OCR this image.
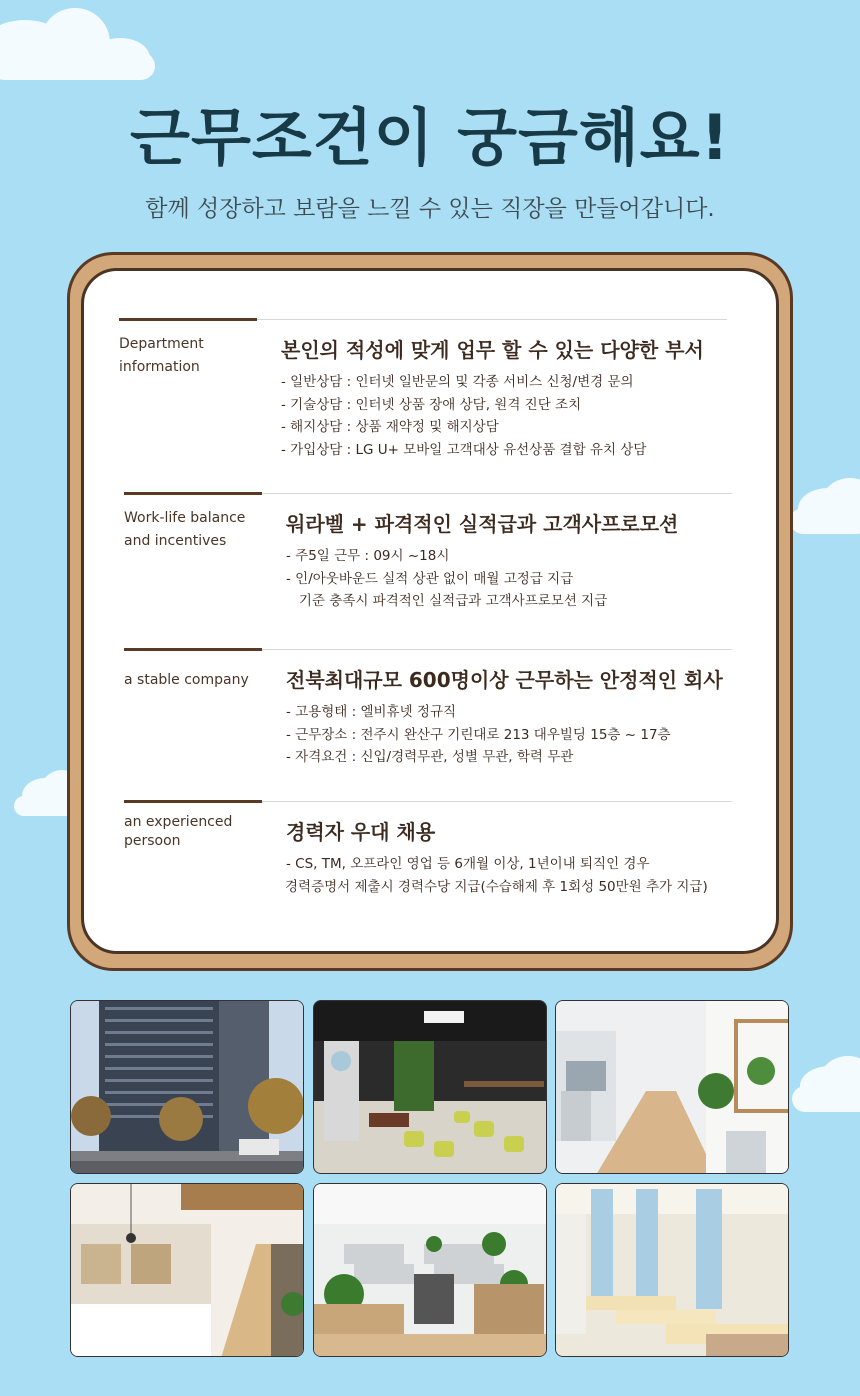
근무조건이 궁금해요!
함께 성장하고 보람을 느낄 수 있는 직장을 만들어갑니다.
Department
information
본인의 적성에 맞게 업무 할 수 있는 다양한 부서
- 일반상담 : 인터넷 일반문의 및 각종 서비스 신청/변경 문의
- 기술상담 : 인터넷 상품 장애 상담, 원격 진단 조치
- 해지상담 : 상품 재약정 및 해지상담
- 가입상담 : LG U+ 모바일 고객대상 유선상품 결합 유치 상담
Work-life balance
and incentives
워라벨 + 파격적인 실적급과 고객사프로모션
- 주5일 근무 : 09시 ~18시
- 인/아웃바운드 실적 상관 없이 매월 고정급 지급
기준 충족시 파격적인 실적급과 고객사프로모션 지급
a stable company	전북최대규모 600명이상 근무하는 안정적인 회사
- 고용형태 : 엘비휴넷 정규직
- 근무장소 : 전주시 완산구 기린대로 213 대우빌딩 15층 ~ 17층
- 자격요건 : 신입/경력무관, 성별 무관, 학력 무관
an experienced
persoon	경력자 우대 채용
- CS, TM, 오프라인 영업 등 6개월 이상, 1년이내 퇴직인 경우
경력증명서 제출시 경력수당 지급(수습해제 후 1회성 50만원 추가 지급)
